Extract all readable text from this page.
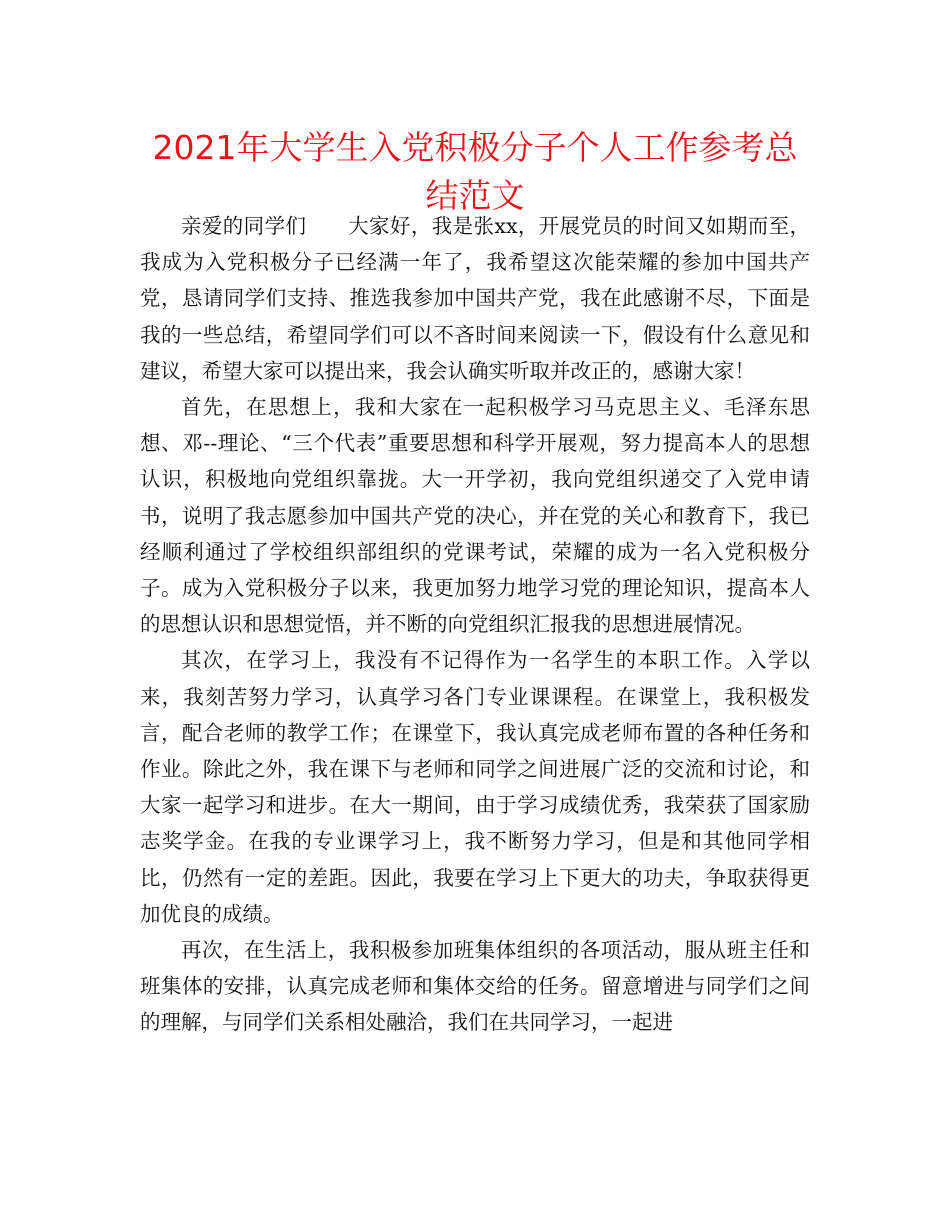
2021年大学生入党积极分子个人工作参考总结范文

亲爱的同学们　　大家好，我是张xx，开展党员的时间又如期而至，我成为入党积极分子已经满一年了，我希望这次能荣耀的参加中国共产党，恳请同学们支持、推选我参加中国共产党，我在此感谢不尽，下面是我的一些总结，希望同学们可以不吝时间来阅读一下，假设有什么意见和建议，希望大家可以提出来，我会认确实听取并改正的，感谢大家！

首先，在思想上，我和大家在一起积极学习马克思主义、毛泽东思想、邓--理论、“三个代表”重要思想和科学开展观，努力提高本人的思想认识，积极地向党组织靠拢。大一开学初，我向党组织递交了入党申请书，说明了我志愿参加中国共产党的决心，并在党的关心和教育下，我已经顺利通过了学校组织部组织的党课考试，荣耀的成为一名入党积极分子。成为入党积极分子以来，我更加努力地学习党的理论知识，提高本人的思想认识和思想觉悟，并不断的向党组织汇报我的思想进展情况。

其次，在学习上，我没有不记得作为一名学生的本职工作。入学以来，我刻苦努力学习，认真学习各门专业课课程。在课堂上，我积极发言，配合老师的教学工作；在课堂下，我认真完成老师布置的各种任务和作业。除此之外，我在课下与老师和同学之间进展广泛的交流和讨论，和大家一起学习和进步。在大一期间，由于学习成绩优秀，我荣获了国家励志奖学金。在我的专业课学习上，我不断努力学习，但是和其他同学相比，仍然有一定的差距。因此，我要在学习上下更大的功夫，争取获得更加优良的成绩。

再次，在生活上，我积极参加班集体组织的各项活动，服从班主任和班集体的安排，认真完成老师和集体交给的任务。留意增进与同学们之间的理解，与同学们关系相处融洽，我们在共同学习，一起进
